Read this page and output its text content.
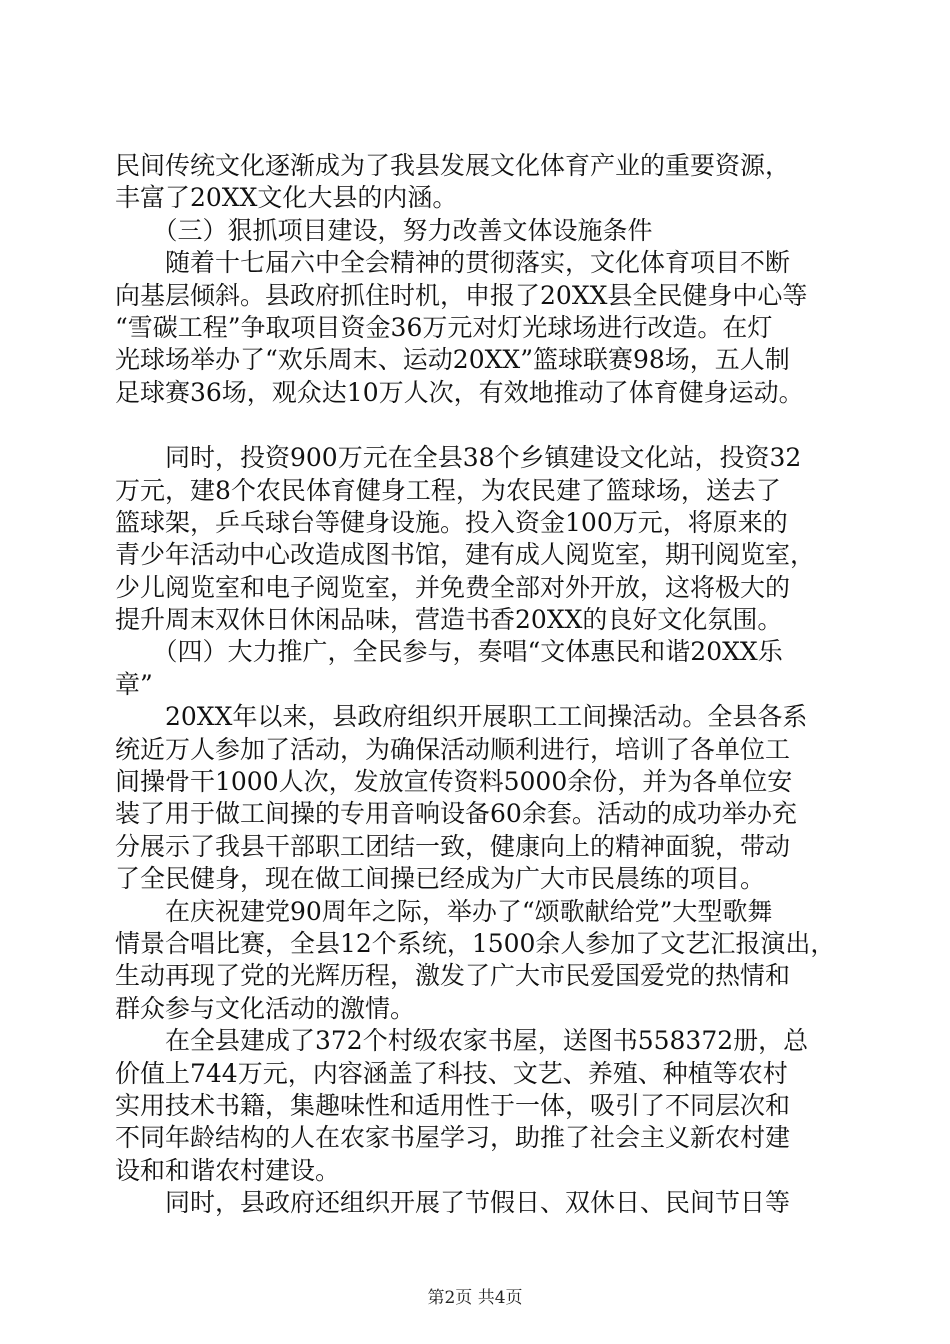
民间传统文化逐渐成为了我县发展文化体育产业的重要资源，
丰富了20XX文化大县的内涵。
　　（三）狠抓项目建设，努力改善文体设施条件
　　随着十七届六中全会精神的贯彻落实，文化体育项目不断
向基层倾斜。县政府抓住时机，申报了20XX县全民健身中心等
“雪碳工程”争取项目资金36万元对灯光球场进行改造。在灯
光球场举办了“欢乐周末、运动20XX”篮球联赛98场，五人制
足球赛36场，观众达10万人次，有效地推动了体育健身运动。
　　同时，投资900万元在全县38个乡镇建设文化站，投资32
万元，建8个农民体育健身工程，为农民建了篮球场，送去了
篮球架，乒乓球台等健身设施。投入资金100万元，将原来的
青少年活动中心改造成图书馆，建有成人阅览室，期刊阅览室，
少儿阅览室和电子阅览室，并免费全部对外开放，这将极大的
提升周末双休日休闲品味，营造书香20XX的良好文化氛围。
　　（四）大力推广，全民参与，奏唱“文体惠民和谐20XX乐
章”
　　20XX年以来，县政府组织开展职工工间操活动。全县各系
统近万人参加了活动，为确保活动顺利进行，培训了各单位工
间操骨干1000人次，发放宣传资料5000余份，并为各单位安
装了用于做工间操的专用音响设备60余套。活动的成功举办充
分展示了我县干部职工团结一致，健康向上的精神面貌，带动
了全民健身，现在做工间操已经成为广大市民晨练的项目。
　　在庆祝建党90周年之际，举办了“颂歌献给党”大型歌舞
情景合唱比赛，全县12个系统，1500余人参加了文艺汇报演出，
生动再现了党的光辉历程，激发了广大市民爱国爱党的热情和
群众参与文化活动的激情。
　　在全县建成了372个村级农家书屋，送图书558372册，总
价值上744万元，内容涵盖了科技、文艺、养殖、种植等农村
实用技术书籍，集趣味性和适用性于一体，吸引了不同层次和
不同年龄结构的人在农家书屋学习，助推了社会主义新农村建
设和和谐农村建设。
　　同时，县政府还组织开展了节假日、双休日、民间节日等
第2页 共4页
